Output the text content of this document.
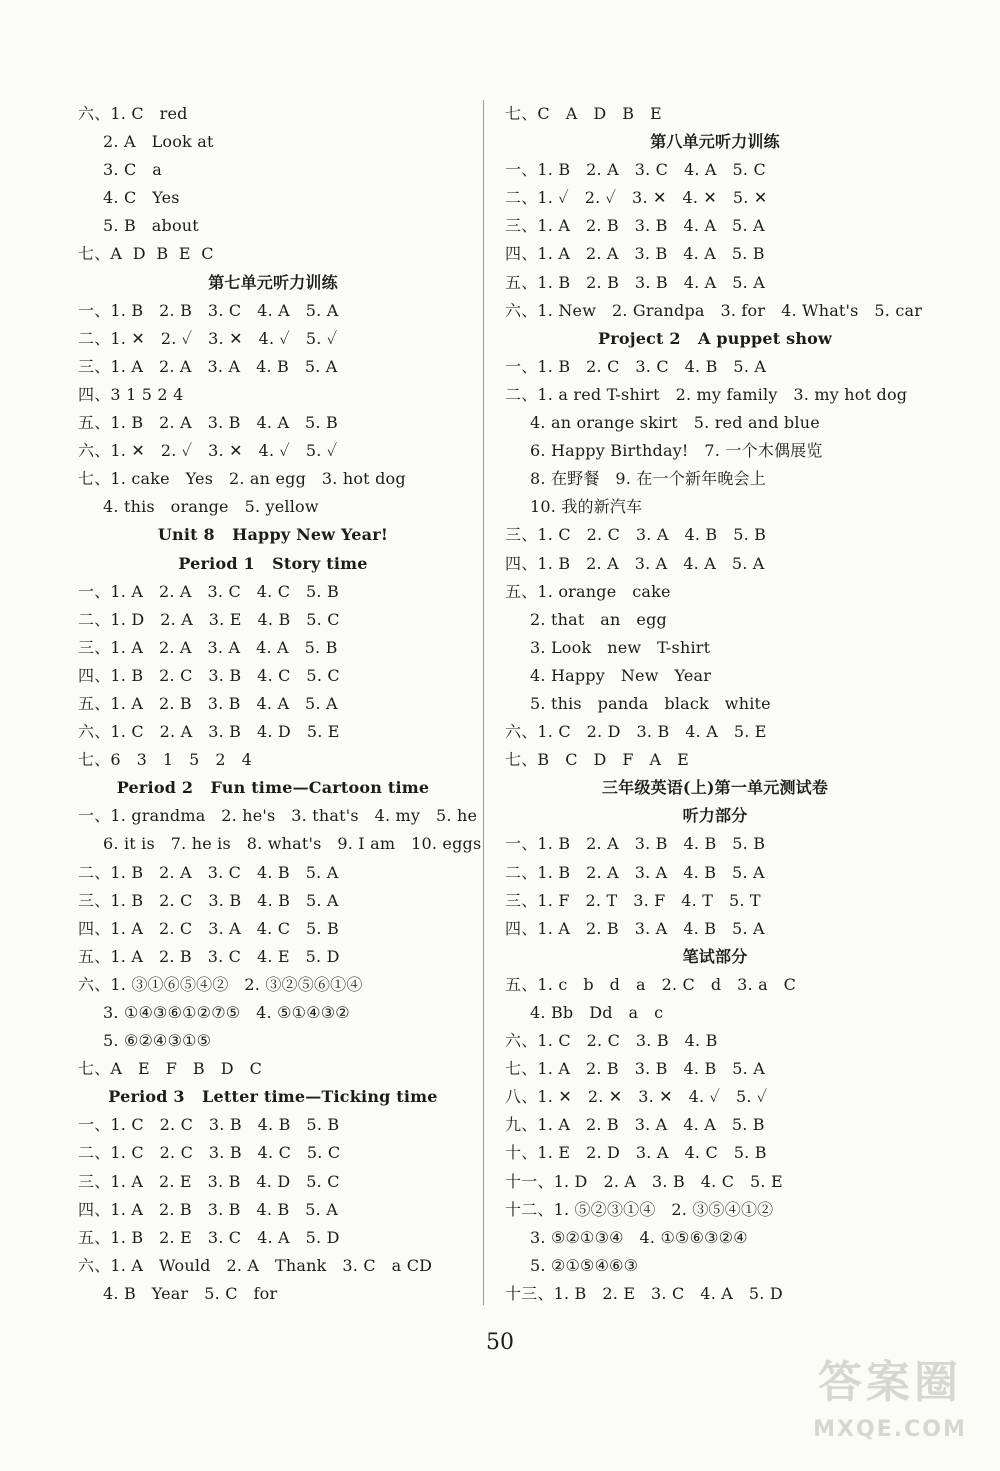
六、1. C   red
2. A   Look at
3. C   a
4. C   Yes
5. B   about
七、A  D  B  E  C
第七单元听力训练
一、1. B   2. B   3. C   4. A   5. A
二、1. ✕   2. ✓   3. ✕   4. ✓   5. ✓
三、1. A   2. A   3. A   4. B   5. A
四、3 1 5 2 4
五、1. B   2. A   3. B   4. A   5. B
六、1. ✕   2. ✓   3. ✕   4. ✓   5. ✓
七、1. cake   Yes   2. an egg   3. hot dog
4. this   orange   5. yellow
Unit 8   Happy New Year!
Period 1   Story time
一、1. A   2. A   3. C   4. C   5. B
二、1. D   2. A   3. E   4. B   5. C
三、1. A   2. A   3. A   4. A   5. B
四、1. B   2. C   3. B   4. C   5. C
五、1. A   2. B   3. B   4. A   5. A
六、1. C   2. A   3. B   4. D   5. E
七、6   3   1   5   2   4
Period 2   Fun time—Cartoon time
一、1. grandma   2. he's   3. that's   4. my   5. he
6. it is   7. he is   8. what's   9. I am   10. eggs
二、1. B   2. A   3. C   4. B   5. A
三、1. B   2. C   3. B   4. B   5. A
四、1. A   2. C   3. A   4. C   5. B
五、1. A   2. B   3. C   4. E   5. D
六、1. ③①⑥⑤④②   2. ③②⑤⑥①④
3. ①④③⑥①②⑦⑤   4. ⑤①④③②
5. ⑥②④③①⑤
七、A   E   F   B   D   C
Period 3   Letter time—Ticking time
一、1. C   2. C   3. B   4. B   5. B
二、1. C   2. C   3. B   4. C   5. C
三、1. A   2. E   3. B   4. D   5. C
四、1. A   2. B   3. B   4. B   5. A
五、1. B   2. E   3. C   4. A   5. D
六、1. A   Would   2. A   Thank   3. C   a CD
4. B   Year   5. C   for
七、C   A   D   B   E
第八单元听力训练
一、1. B   2. A   3. C   4. A   5. C
二、1. ✓   2. ✓   3. ✕   4. ✕   5. ✕
三、1. A   2. B   3. B   4. A   5. A
四、1. A   2. A   3. B   4. A   5. B
五、1. B   2. B   3. B   4. A   5. A
六、1. New   2. Grandpa   3. for   4. What's   5. car
Project 2   A puppet show
一、1. B   2. C   3. C   4. B   5. A
二、1. a red T-shirt   2. my family   3. my hot dog
4. an orange skirt   5. red and blue
6. Happy Birthday!   7. 一个木偶展览
8. 在野餐   9. 在一个新年晚会上
10. 我的新汽车
三、1. C   2. C   3. A   4. B   5. B
四、1. B   2. A   3. A   4. A   5. A
五、1. orange   cake
2. that   an   egg
3. Look   new   T-shirt
4. Happy   New   Year
5. this   panda   black   white
六、1. C   2. D   3. B   4. A   5. E
七、B   C   D   F   A   E
三年级英语(上)第一单元测试卷
听力部分
一、1. B   2. A   3. B   4. B   5. B
二、1. B   2. A   3. A   4. B   5. A
三、1. F   2. T   3. F   4. T   5. T
四、1. A   2. B   3. A   4. B   5. A
笔试部分
五、1. c   b   d   a   2. C   d   3. a   C
4. Bb   Dd   a   c
六、1. C   2. C   3. B   4. B
七、1. A   2. B   3. B   4. B   5. A
八、1. ✕   2. ✕   3. ✕   4. ✓   5. ✓
九、1. A   2. B   3. A   4. A   5. B
十、1. E   2. D   3. A   4. C   5. B
十一、1. D   2. A   3. B   4. C   5. E
十二、1. ⑤②③①④   2. ③⑤④①②
3. ⑤②①③④   4. ①⑤⑥③②④
5. ②①⑤④⑥③
十三、1. B   2. E   3. C   4. A   5. D
50
答案圈
MXQE.COM
